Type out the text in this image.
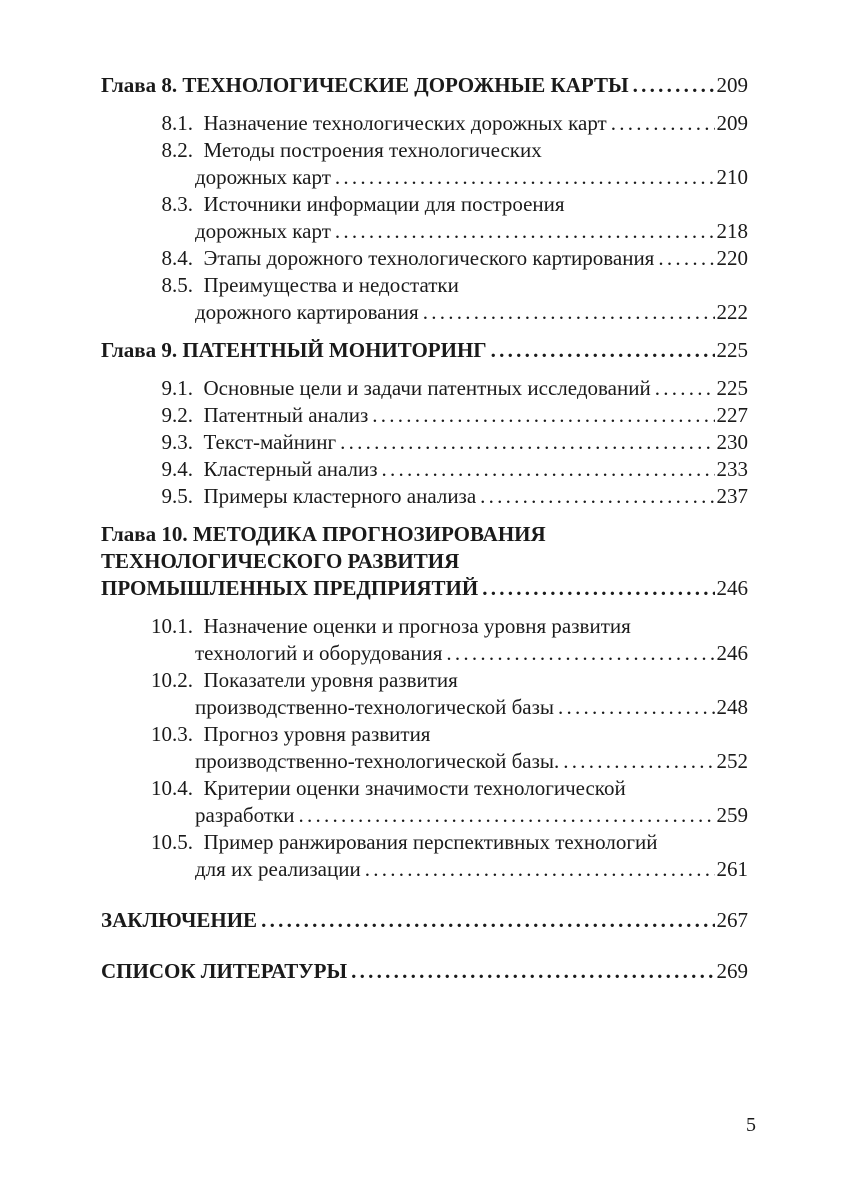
Глава 8. ТЕХНОЛОГИЧЕСКИЕ ДОРОЖНЫЕ КАРТЫ . . .	209
8.1. Назначение технологических дорожных карт . . .	209
8.2. Методы построения технологических
дорожных карт . . .	210
8.3. Источники информации для построения
дорожных карт . . .	218
8.4. Этапы дорожного технологического картирования . . .	220
8.5. Преимущества и недостатки
дорожного картирования . . .	222
Глава 9. ПАТЕНТНЫЙ МОНИТОРИНГ . . .	225
9.1. Основные цели и задачи патентных исследований . . .	225
9.2. Патентный анализ . . .	227
9.3. Текст-майнинг . . .	230
9.4. Кластерный анализ . . .	233
9.5. Примеры кластерного анализа . . .	237
Глава 10. МЕТОДИКА ПРОГНОЗИРОВАНИЯ
ТЕХНОЛОГИЧЕСКОГО РАЗВИТИЯ
ПРОМЫШЛЕННЫХ ПРЕДПРИЯТИЙ . . .	246
10.1. Назначение оценки и прогноза уровня развития
технологий и оборудования . . .	246
10.2. Показатели уровня развития
производственно-технологической базы . . .	248
10.3. Прогноз уровня развития
производственно-технологической базы. . . .	252
10.4. Критерии оценки значимости технологической
разработки . . .	259
10.5. Пример ранжирования перспективных технологий
для их реализации . . .	261
ЗАКЛЮЧЕНИЕ . . .	267
СПИСОК ЛИТЕРАТУРЫ . . .	269
5
